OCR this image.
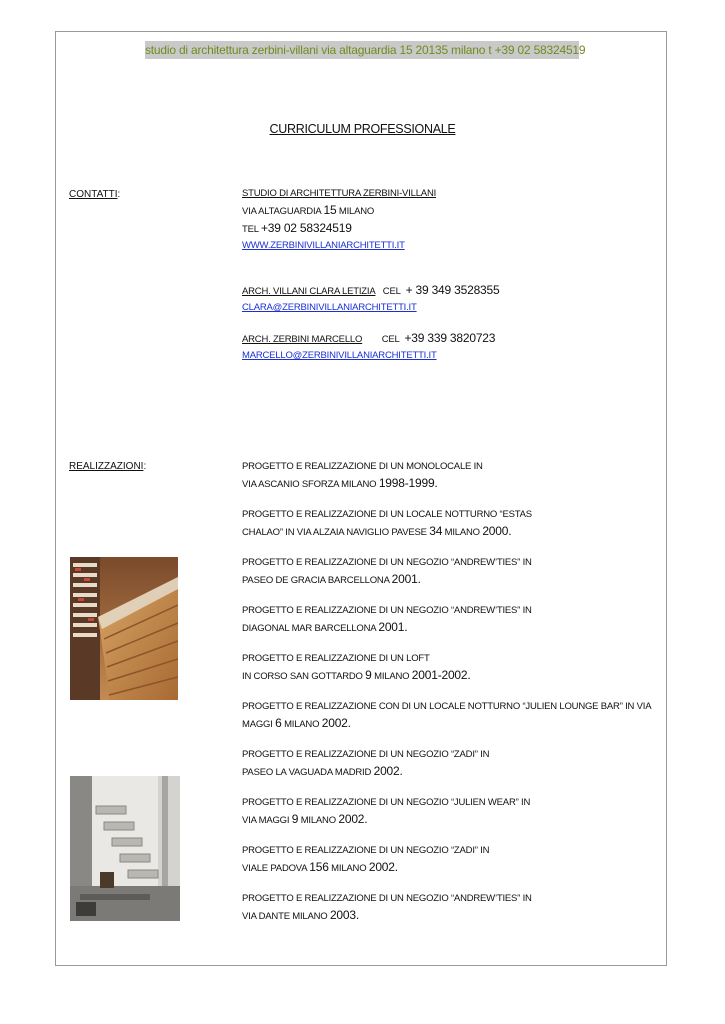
studio di architettura zerbini-villani via altaguardia 15 20135 milano t +39 02 58324519
CURRICULUM PROFESSIONALE
CONTATTI:	STUDIO DI ARCHITETTURA ZERBINI-VILLANI
VIA ALTAGUARDIA 15 MILANO
TEL +39 02 58324519
WWW.ZERBINIVILLANIARCHITETTI.IT
ARCH. VILLANI CLARA LETIZIA CEL + 39 349 3528355
CLARA@ZERBINIVILLANIARCHITETTI.IT
ARCH. ZERBINI MARCELLO CEL +39 339 3820723
MARCELLO@ZERBINIVILLANIARCHITETTI.IT
REALIZZAZIONI:	PROGETTO E REALIZZAZIONE DI UN MONOLOCALE IN
VIA ASCANIO SFORZA MILANO 1998-1999.
PROGETTO E REALIZZAZIONE DI UN LOCALE NOTTURNO “ESTAS
CHALAO” IN VIA ALZAIA NAVIGLIO PAVESE 34 MILANO 2000.
PROGETTO E REALIZZAZIONE DI UN NEGOZIO “ANDREW’TIES” IN
PASEO DE GRACIA BARCELLONA 2001.
PROGETTO E REALIZZAZIONE DI UN NEGOZIO “ANDREW’TIES” IN
DIAGONAL MAR BARCELLONA 2001.
PROGETTO E REALIZZAZIONE DI UN LOFT
IN CORSO SAN GOTTARDO 9 MILANO 2001-2002.
PROGETTO E REALIZZAZIONE CON DI UN LOCALE NOTTURNO “JULIEN LOUNGE BAR” IN VIA
MAGGI 6 MILANO 2002.
PROGETTO E REALIZZAZIONE DI UN NEGOZIO “ZADI” IN
PASEO LA VAGUADA MADRID 2002.
PROGETTO E REALIZZAZIONE DI UN NEGOZIO “JULIEN WEAR” IN
VIA MAGGI 9 MILANO 2002.
PROGETTO E REALIZZAZIONE DI UN NEGOZIO “ZADI” IN
VIALE PADOVA 156 MILANO 2002.
PROGETTO E REALIZZAZIONE DI UN NEGOZIO “ANDREW’TIES” IN
VIA DANTE MILANO 2003.
